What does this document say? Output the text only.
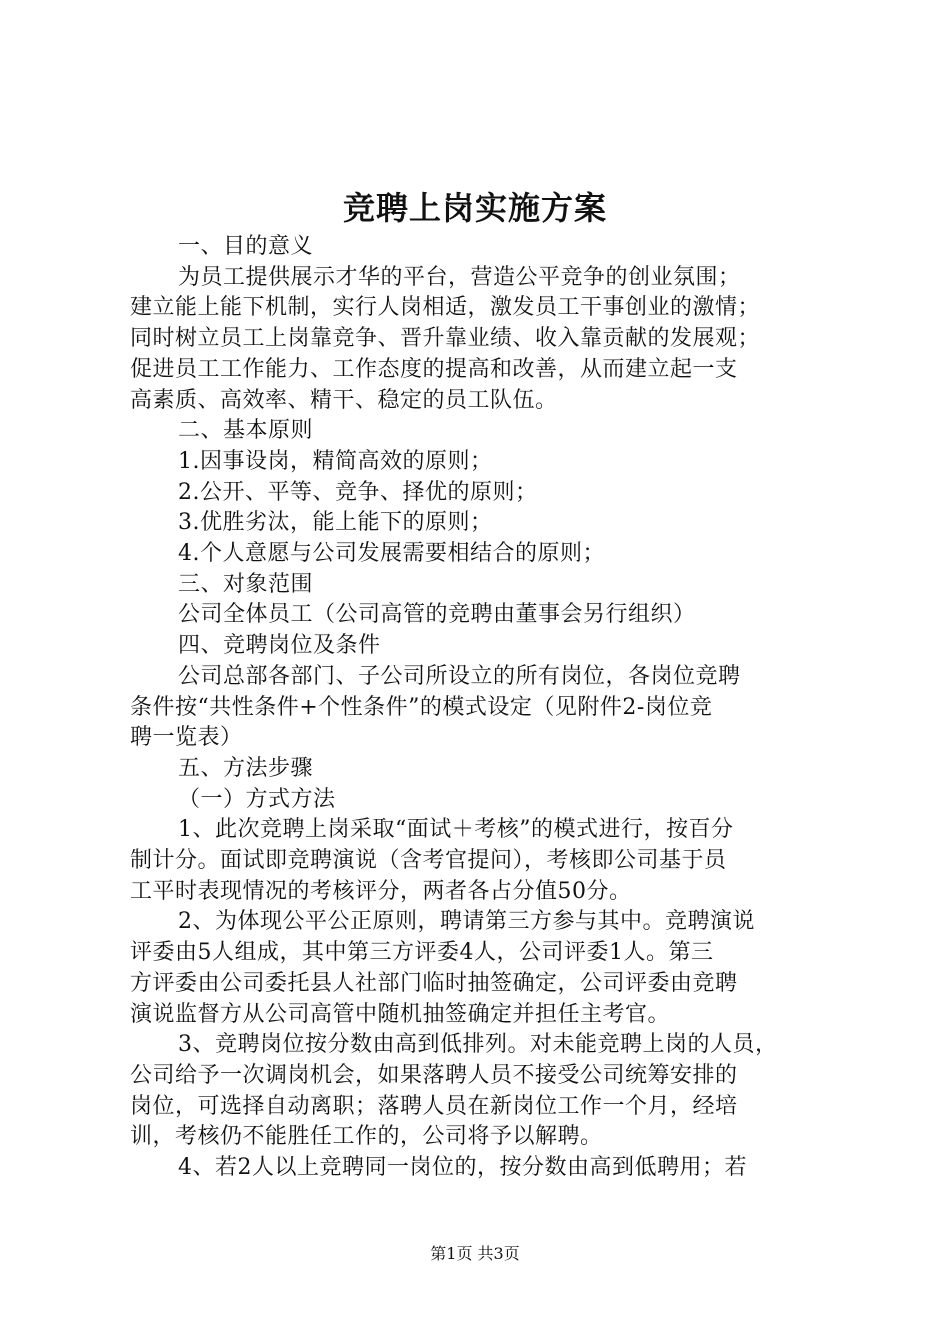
竞聘上岗实施方案

一、目的意义

为员工提供展示才华的平台，营造公平竞争的创业氛围；

建立能上能下机制，实行人岗相适，激发员工干事创业的激情；

同时树立员工上岗靠竞争、晋升靠业绩、收入靠贡献的发展观；

促进员工工作能力、工作态度的提高和改善，从而建立起一支

高素质、高效率、精干、稳定的员工队伍。

二、基本原则

1.因事设岗，精简高效的原则；

2.公开、平等、竞争、择优的原则；

3.优胜劣汰，能上能下的原则；

4.个人意愿与公司发展需要相结合的原则；

三、对象范围

公司全体员工（公司高管的竞聘由董事会另行组织）

四、竞聘岗位及条件

公司总部各部门、子公司所设立的所有岗位，各岗位竞聘

条件按“共性条件+个性条件”的模式设定（见附件2-岗位竞

聘一览表）

五、方法步骤

（一）方式方法

1、此次竞聘上岗采取“面试＋考核”的模式进行，按百分

制计分。面试即竞聘演说（含考官提问），考核即公司基于员

工平时表现情况的考核评分，两者各占分值50分。

2、为体现公平公正原则，聘请第三方参与其中。竞聘演说

评委由5人组成，其中第三方评委4人，公司评委1人。第三

方评委由公司委托县人社部门临时抽签确定，公司评委由竞聘

演说监督方从公司高管中随机抽签确定并担任主考官。

3、竞聘岗位按分数由高到低排列。对未能竞聘上岗的人员，

公司给予一次调岗机会，如果落聘人员不接受公司统筹安排的

岗位，可选择自动离职；落聘人员在新岗位工作一个月，经培

训，考核仍不能胜任工作的，公司将予以解聘。

4、若2人以上竞聘同一岗位的，按分数由高到低聘用；若

第1页 共3页
